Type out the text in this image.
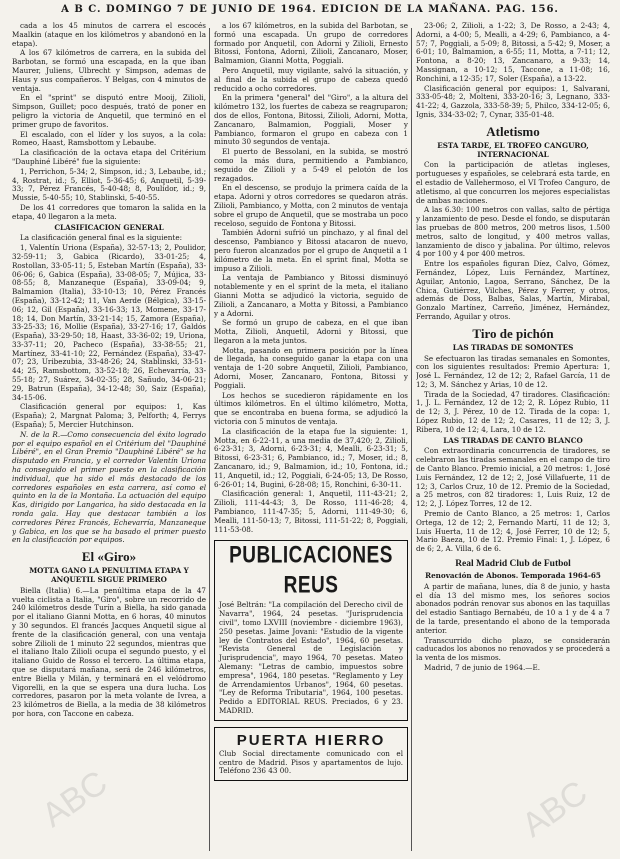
A B C. DOMINGO 7 DE JUNIO DE 1964. EDICION DE LA MAÑANA. PAG. 156.

cada a los 45 minutos de carrera el escocés Maalkin (ataque en los kilómetros y abandonó en la etapa).

A los 67 kilómetros de carrera, en la subida del Barbotan, se formó una escapada, en la que iban Maurer, Juliens, Ulbrecht y Simpson, ademas de Haus y sus compañeros. Y Belgas, con 4 minutos de ventaja.

En el "sprint" se disputó entre Mooij, Zilioli, Simpson, Guillet; poco después, trató de poner en peligro la victoria de Anquetil, que terminó en el primer grupo de favoritos.

El escalado, con el líder y los suyos, a la cola: Romeo, Haast, Ramsbottom y Lebaube.

La clasificación de la octava etapa del Critérium "Dauphiné Libéré" fue la siguiente:

1, Perrichon, 5-34; 2, Simpson, id.; 3, Lebaube, id.; 4, Rostrat, id.; 5, Elliot, 5-36-45; 6, Anquetil, 5-39-33; 7, Pérez Francés, 5-40-48; 8, Poulidor, id.; 9, Mussie, 5-40-55; 10, Stablinski, 5-40-55.

De los 41 corredores que tomaron la salida en la etapa, 40 llegaron a la meta.

CLASIFICACION GENERAL

La clasificación general final es la siguiente:

1, Valentín Uriona (España), 32-57-13; 2, Poulidor, 32-59-11; 3, Gabica (Ricardo), 33-01-25; 4, Rostollan, 33-05-11; 5, Esteban Martín (España), 33-06-06; 6, Gabica (España), 33-08-05; 7, Mújica, 33-08-55; 8, Manzaneque (España), 33-09-04; 9, Balmamion (Italia), 33-10-13; 10, Pérez Francés (España), 33-12-42; 11, Van Aerde (Bélgica), 33-15-06; 12, Gil (España), 33-16-33; 13, Momene, 33-17-18; 14, Don Martín, 33-21-14; 15, Zamora (España), 33-25-33; 16, Mollie (España), 33-27-16; 17, Galdós (España), 33-29-50; 18, Haast, 33-36-02; 19, Uriona, 33-37-11; 20, Pacheco (España), 33-38-55; 21, Martínez, 33-41-10; 22, Fernández (España), 33-47-07; 23, Uribezubia, 33-48-26; 24, Stablinski, 33-51-44; 25, Ramsbottom, 33-52-18; 26, Echevarría, 33-55-18; 27, Suárez, 34-02-35; 28, Sañudo, 34-06-21; 29, Batrun (España), 34-12-48; 30, Saiz (España), 34-15-06.

Clasificación general por equipos: 1, Kas (España); 2, Margnat Paloma; 3, Pelforth; 4, Ferrys (España); 5, Mercier Hutchinson.

N. de la R.—Como consecuencia del éxito logrado por el equipo español en el Critérium del "Dauphiné Libéré", en el Gran Premio "Dauphiné Libéré" se ha disputado en Francia, y el corredor Valentín Uriona ha conseguido el primer puesto en la clasificación individual, que ha sido el más destacado de los corredores españoles en esta carrera, así como el quinto en la de la Montaña. La actuación del equipo Kas, dirigido por Langarica, ha sido destacada en la ronda gala. Hay que destacar también a los corredores Pérez Francés, Echevarría, Manzaneque y Gabica, en los que se ha basado el primer puesto en la clasificación por equipos.

El «Giro»
MOTTA GANO LA PENULTIMA ETAPA Y ANQUETIL SIGUE PRIMERO

Biella (Italia) 6.—La penúltima etapa de la 47 vuelta ciclista a Italia, "Giro", sobre un recorrido de 240 kilómetros desde Turín a Biella, ha sido ganada por el italiano Gianni Motta, en 6 horas, 40 minutos y 30 segundos. El francés Jacques Anquetil sigue al frente de la clasificación general, con una ventaja sobre Zilioli de 1 minuto 22 segundos, mientras que el italiano Italo Zilioli ocupa el segundo puesto, y el italiano Guido de Rosso el tercero. La última etapa, que se disputará mañana, será de 246 kilómetros, entre Biella y Milán, y terminará en el velódromo Vigorelli, en la que se espera una dura lucha. Los corredores, pasaron por la meta volante de Ivrea, a 23 kilómetros de Biella, a la media de 38 kilómetros por hora, con Taccone en cabeza.

a los 67 kilómetros, en la subida del Barbotan, se formó una escapada. Un grupo de corredores formado por Anquetil, con Adorni y Zilioli, Ernesto Bitossi, Fontona, Adorni, Zilioli, Zancanaro, Moser, Balmamion, Gianni Motta, Poggiali.

Pero Anquetil, muy vigilante, salvó la situación, y al final de la subida el grupo de cabeza quedó reducido a ocho corredores.

En la primera "general" del "Giro", a la altura del kilómetro 132, los fuertes de cabeza se reagruparon; dos de ellos, Fontona, Bitossi, Zilioli, Adorni, Motta, Zancanaro, Balmamion, Poggiali, Moser y Pambianco, formaron el grupo en cabeza con 1 minuto 30 segundos de ventaja.

El puerto de Bessolani, en la subida, se mostró como la más dura, permitiendo a Pambianco, seguido de Zilioli y a 5-49 el pelotón de los rezagados.

En el descenso, se produjo la primera caída de la etapa. Adorni y otros corredores se quedaron atrás. Zilioli, Pambianco, y Motta, con 2 minutos de ventaja sobre el grupo de Anquetil, que se mostraba un poco receloso, seguido de Fontona y Bitossi.

También Adorni sufrió un pinchazo, y al final del descenso, Pambianco y Bitossi atacaron de nuevo, pero fueron alcanzados por el grupo de Anquetil a 1 kilómetro de la meta. En el sprint final, Motta se impuso a Zilioli.

La ventaja de Pambianco y Bitossi disminuyó notablemente y en el sprint de la meta, el italiano Gianni Motta se adjudicó la victoria, seguido de Zilioli, a Zancanaro, a Motta y Bitossi, a Pambianco y a Adorni.

Se formó un grupo de cabeza, en el que iban Motta, Zilioli, Anquetil, Adorni y Bitossi, que llegaron a la meta juntos.

Motta, pasando en primera posición por la línea de llegada, ha conseguido ganar la etapa con una ventaja de 1-20 sobre Anquetil, Zilioli, Pambianco, Adorni, Moser, Zancanaro, Fontona, Bitossi y Poggiali.

Los hechos se sucedieron rápidamente en los últimos kilómetros. En el último kilómetro, Motta, que se encontraba en buena forma, se adjudicó la victoria con 5 minutos de ventaja.

La clasificación de la etapa fue la siguiente: 1, Motta, en 6-22-11, a una media de 37,420; 2, Zilioli, 6-23-31; 3, Adorni, 6-23-31; 4, Mealli, 6-23-31; 5, Bitossi, 6-23-31; 6, Pambianco, id.; 7, Moser, id.; 8, Zancanaro, id.; 9, Balmamion, id.; 10, Fontona, id.; 11, Anquetil, id.; 12, Poggiali, 6-24-05; 13, De Rosso, 6-26-01; 14, Bugini, 6-28-08; 15, Ronchini, 6-30-11.

Clasificación general: 1, Anquetil, 111-43-21; 2, Zilioli, 111-44-43; 3, De Rosso, 111-46-28; 4, Pambianco, 111-47-35; 5, Adorni, 111-49-30; 6, Mealli, 111-50-13; 7, Bitossi, 111-51-22; 8, Poggiali, 111-53-08.

PUBLICACIONES REUS
José Beltrán: "La compilación del Derecho civil de Navarra", 1964, 24 pesetas. "Jurisprudencia civil", tomo LXVIII (noviembre - diciembre 1963), 250 pesetas. Jaime Jovani: "Estudio de la vigente ley de Contratos del Estado", 1964, 60 pesetas. "Revista General de Legislación y Jurisprudencia", mayo 1964, 70 pesetas. Mateo Alemany: "Letras de cambio, impuestos sobre empresa", 1964, 180 pesetas. "Reglamento y Ley de Arrendamientos Urbanos", 1964, 60 pesetas. "Ley de Reforma Tributaria", 1964, 100 pesetas. Pedido a EDITORIAL REUS. Preciados, 6 y 23. MADRID.
PUERTA HIERRO
Club Social directamente comunicado con el centro de Madrid. Pisos y apartamentos de lujo. Teléfono 236 43 00.

23-06; 2, Zilioli, a 1-22; 3, De Rosso, a 2-43; 4, Adorni, a 4-00; 5, Mealli, a 4-29; 6, Pambianco, a 4-57; 7, Poggiali, a 5-09; 8, Bitossi, a 5-42; 9, Moser, a 6-01; 10, Balmamion, a 6-55; 11, Motta, a 7-11; 12, Fontona, a 8-20; 13, Zancanaro, a 9-33; 14, Massignan, a 10-12; 15, Taccone, a 11-08; 16, Ronchini, a 12-35; 17, Soler (España), a 13-22.

Clasificación general por equipos: 1, Salvarani, 333-05-48; 2, Molteni, 333-20-16; 3, Legnano, 333-41-22; 4, Gazzola, 333-58-39; 5, Philco, 334-12-05; 6, Ignis, 334-33-02; 7, Cynar, 335-01-48.

Atletismo
ESTA TARDE, EL TROFEO CANGURO, INTERNACIONAL

Con la participación de atletas ingleses, portugueses y españoles, se celebrará esta tarde, en el estadio de Vallehermoso, el VI Trofeo Canguro, de atletismo, al que concurren los mejores especialistas de ambas naciones.

A las 6.30: 100 metros con vallas, salto de pértiga y lanzamiento de peso. Desde el fondo, se disputarán las pruebas de 800 metros, 200 metros lisos, 1.500 metros, salto de longitud, y 400 metros vallas, lanzamiento de disco y jabalina. Por último, relevos 4 por 100 y 4 por 400 metros.

Entre los españoles figuran Díez, Calvo, Gómez, Fernández, López, Luis Fernández, Martínez, Aguilar, Antonio, Lagoa, Serrano, Sánchez, De la Chica, Gutiérrez, Vilches, Pérez y Ferrer, y otros, además de Doss, Balbas, Salas, Martín, Mirabal, Gonzalo Martínez, Carreño, Jiménez, Hernández, Ferrando, Aguilar y otros.

Tiro de pichón
LAS TIRADAS DE SOMONTES

Se efectuaron las tiradas semanales en Somontes, con los siguientes resultados: Premio Apertura: 1, José L. Fernández, 12 de 12; 2, Rafael García, 11 de 12; 3, M. Sánchez y Arias, 10 de 12.

Tirada de la Sociedad, 47 tiradores. Clasificación: 1, J. L. Fernández, 12 de 12; 2, R. López Rubio, 11 de 12; 3, J. Pérez, 10 de 12. Tirada de la copa: 1, López Rubio, 12 de 12; 2, Casares, 11 de 12; 3, J. Ribera, 10 de 12; 4, Lara, 10 de 12.

LAS TIRADAS DE CANTO BLANCO

Con extraordinaria concurrencia de tiradores, se celebraron las tiradas semanales en el campo de tiro de Canto Blanco. Premio inicial, a 20 metros: 1, José Luis Fernández, 12 de 12; 2, José Villafuerte, 11 de 12; 3, Carlos Cruz, 10 de 12. Premio de la Sociedad, a 25 metros, con 82 tiradores: 1, Luis Ruiz, 12 de 12; 2, J. López Torres, 12 de 12.

Premio de Canto Blanco, a 25 metros: 1, Carlos Ortega, 12 de 12; 2, Fernando Martí, 11 de 12; 3, Luis Huerta, 11 de 12; 4, José Ferrer, 10 de 12; 5, Mario Baeza, 10 de 12. Premio Final: 1, J. López, 6 de 6; 2, A. Villa, 6 de 6.

Real Madrid Club de Futbol
Renovación de Abonos. Temporada 1964-65

A partir de mañana, lunes, día 8 de junio, y hasta el día 13 del mismo mes, los señores socios abonados podrán renovar sus abonos en las taquillas del estadio Santiago Bernabéu, de 10 a 1 y de 4 a 7 de la tarde, presentando el abono de la temporada anterior.

Transcurrido dicho plazo, se considerarán caducados los abonos no renovados y se procederá a la venta de los mismos.

Madrid, 7 de junio de 1964.—E.

ABC	ABC
